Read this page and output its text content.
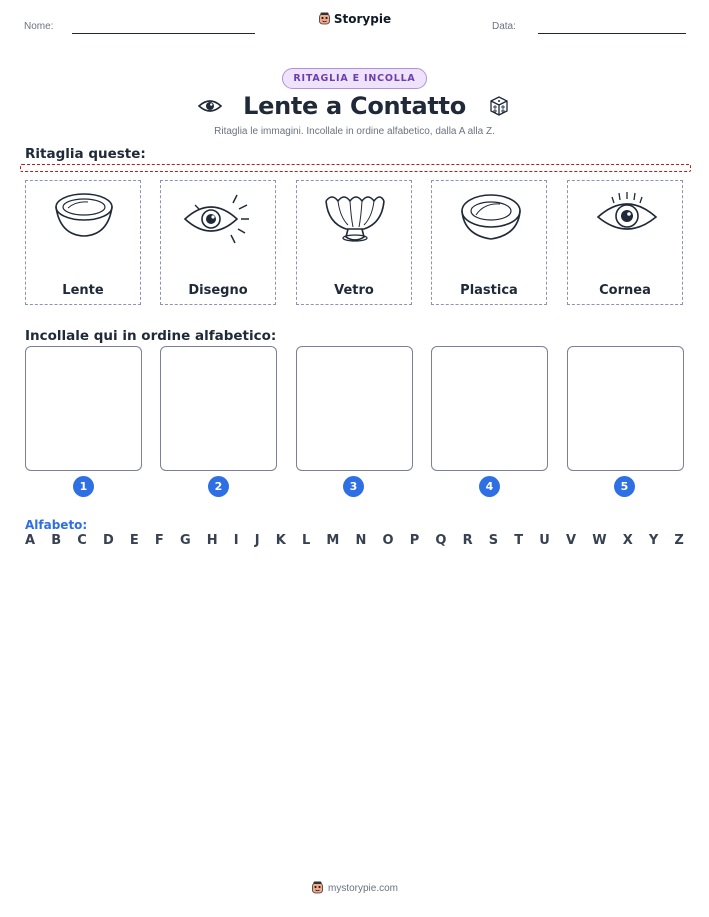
Nome:
Storypie
Data:
RITAGLIA E INCOLLA
Lente a Contatto
Ritaglia le immagini. Incollale in ordine alfabetico, dalla A alla Z.
Ritaglia queste:
Lente	Disegno	Vetro	Plastica	Cornea
Incollale qui in ordine alfabetico:
1	2	3	4	5
Alfabeto:
A B C D E F G H I J K L M N O P Q R S T U V W X Y Z
mystorypie.com
